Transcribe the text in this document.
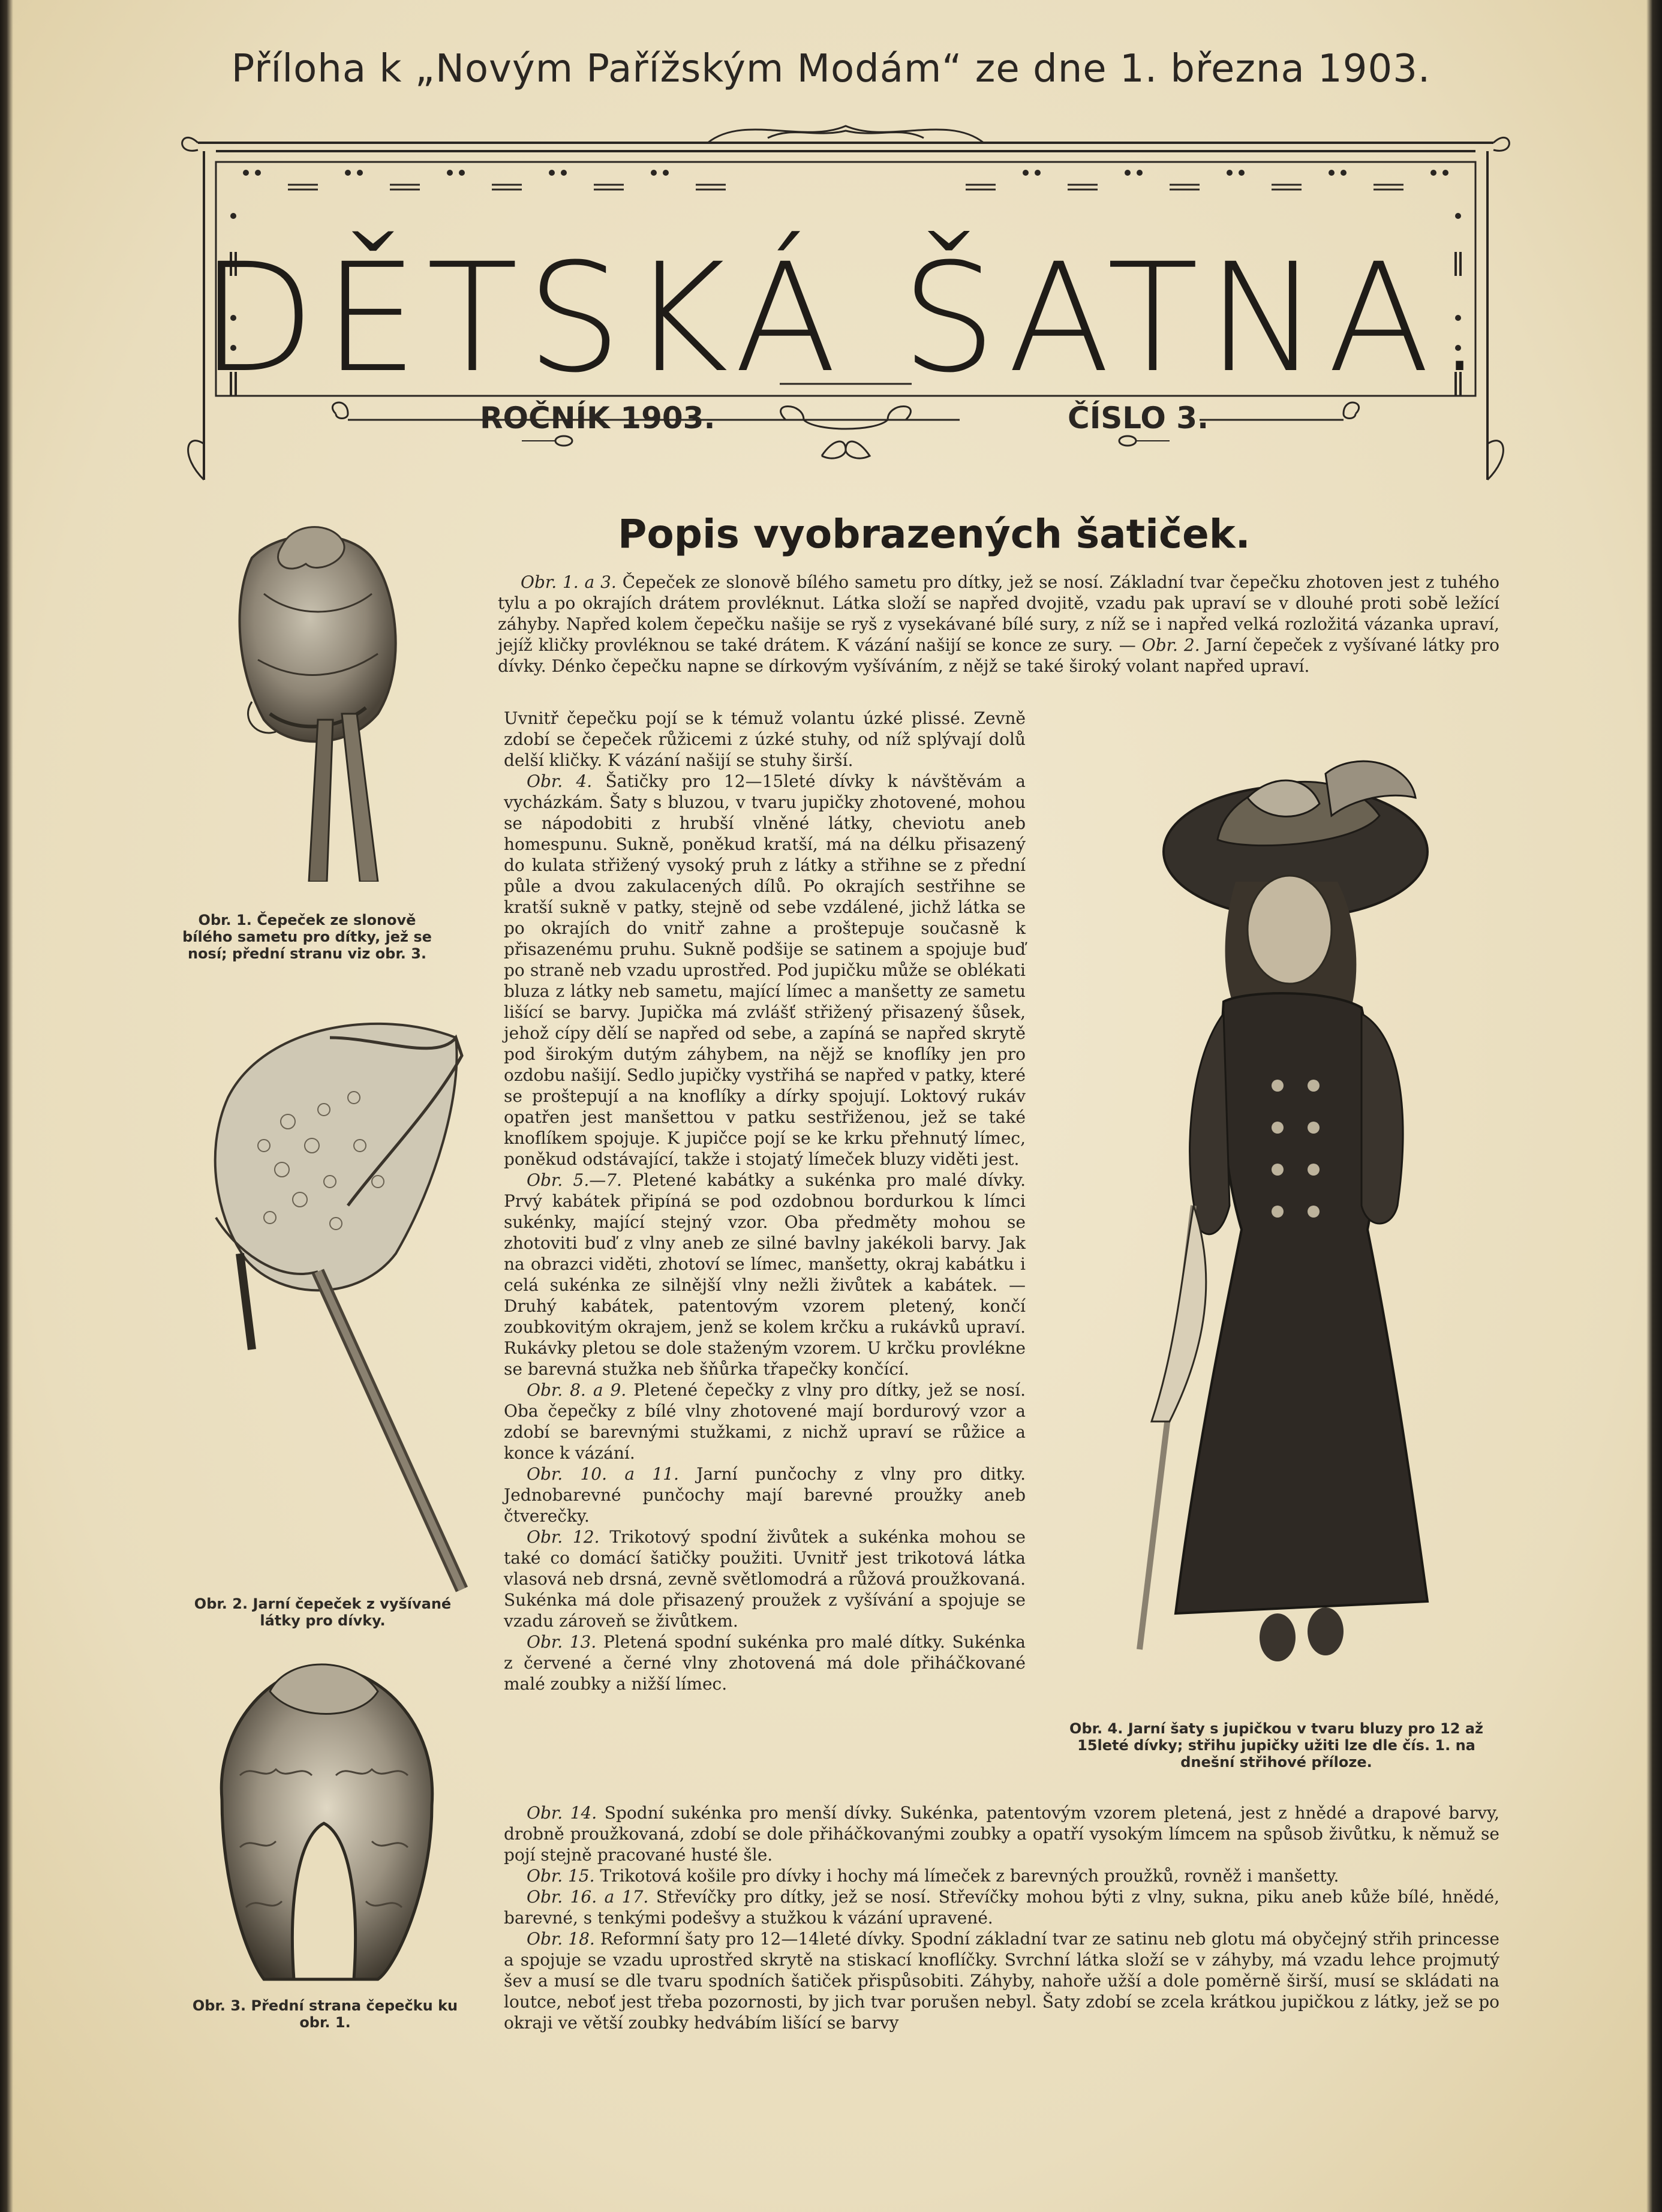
Příloha k „Novým Pařížským Modám“ ze dne 1. března 1903.
DĚTSKÁ ŠATNA.
ROČNÍK 1903.	ČÍSLO 3.
Popis vyobrazených šatiček.
Obr. 1. Čepeček ze slonově bílého sametu pro dítky, jež se nosí; přední stranu viz obr. 3.
Obr. 2. Jarní čepeček z vyšívané látky pro dívky.
Obr. 3. Přední strana čepečku ku obr. 1.
Obr. 4. Jarní šaty s jupičkou v tvaru bluzy pro 12 až 15leté dívky; střihu jupičky užiti lze dle čís. 1. na dnešní střihové příloze.

Obr. 1. a 3. Čepeček ze slonově bílého sametu pro dítky, jež se nosí. Základní tvar čepečku zhotoven jest z tuhého tylu a po okrajích drátem provléknut. Látka složí se napřed dvojitě, vzadu pak upraví se v dlouhé proti sobě ležící záhyby. Napřed kolem čepečku našije se ryš z vysekávané bílé sury, z níž se i napřed velká rozložitá vázanka upraví, jejíž kličky provléknou se také drátem. K vázání našijí se konce ze sury. — Obr. 2. Jarní čepeček z vyšívané látky pro dívky. Dénko čepečku napne se dírkovým vyšíváním, z nějž se také široký volant napřed upraví.

Uvnitř čepečku pojí se k témuž volantu úzké plissé. Zevně zdobí se čepeček růžicemi z úzké stuhy, od níž splývají dolů delší kličky. K vázání našijí se stuhy širší.

Obr. 4. Šatičky pro 12—15leté dívky k návštěvám a vycházkám. Šaty s bluzou, v tvaru jupičky zhotovené, mohou se nápodobiti z hrubší vlněné látky, cheviotu aneb homespunu. Sukně, poněkud kratší, má na délku přisazený do kulata střižený vysoký pruh z látky a střihne se z přední půle a dvou zakulacených dílů. Po okrajích sestřihne se kratší sukně v patky, stejně od sebe vzdálené, jichž látka se po okrajích do vnitř zahne a proštepuje současně k přisazenému pruhu. Sukně podšije se satinem a spojuje buď po straně neb vzadu uprostřed. Pod jupičku může se oblékati bluza z látky neb sametu, mající límec a manšetty ze sametu lišící se barvy. Jupička má zvlášť střižený přisazený šůsek, jehož cípy dělí se napřed od sebe, a zapíná se napřed skrytě pod širokým dutým záhybem, na nějž se knoflíky jen pro ozdobu našijí. Sedlo jupičky vystřihá se napřed v patky, které se proštepují a na knoflíky a dírky spojují. Loktový rukáv opatřen jest manšettou v patku sestřiženou, jež se také knoflíkem spojuje. K jupičce pojí se ke krku přehnutý límec, poněkud odstávající, takže i stojatý límeček bluzy viděti jest.

Obr. 5.—7. Pletené kabátky a sukénka pro malé dívky. Prvý kabátek připíná se pod ozdobnou bordurkou k límci sukénky, mající stejný vzor. Oba předměty mohou se zhotoviti buď z vlny aneb ze silné bavlny jakékoli barvy. Jak na obrazci viděti, zhotoví se límec, manšetty, okraj kabátku i celá sukénka ze silnější vlny nežli živůtek a kabátek. — Druhý kabátek, patentovým vzorem pletený, končí zoubkovitým okrajem, jenž se kolem krčku a rukávků upraví. Rukávky pletou se dole staženým vzorem. U krčku provlékne se barevná stužka neb šňůrka třapečky končící.

Obr. 8. a 9. Pletené čepečky z vlny pro dítky, jež se nosí. Oba čepečky z bílé vlny zhotovené mají bordurový vzor a zdobí se barevnými stužkami, z nichž upraví se růžice a konce k vázání.

Obr. 10. a 11. Jarní punčochy z vlny pro ditky. Jednobarevné punčochy mají barevné proužky aneb čtverečky.

Obr. 12. Trikotový spodní živůtek a sukénka mohou se také co domácí šatičky použiti. Uvnitř jest trikotová látka vlasová neb drsná, zevně světlomodrá a růžová proužkovaná. Sukénka má dole přisazený proužek z vyšívání a spojuje se vzadu zároveň se živůtkem.

Obr. 13. Pletená spodní sukénka pro malé dítky. Sukénka z červené a černé vlny zhotovená má dole přiháčkované malé zoubky a nižší límec.

Obr. 14. Spodní sukénka pro menší dívky. Sukénka, patentovým vzorem pletená, jest z hnědé a drapové barvy, drobně proužkovaná, zdobí se dole přiháčkovanými zoubky a opatří vysokým límcem na spůsob živůtku, k němuž se pojí stejně pracované husté šle.

Obr. 15. Trikotová košile pro dívky i hochy má límeček z barevných proužků, rovněž i manšetty.

Obr. 16. a 17. Střevíčky pro dítky, jež se nosí. Střevíčky mohou býti z vlny, sukna, piku aneb kůže bílé, hnědé, barevné, s tenkými podešvy a stužkou k vázání upravené.

Obr. 18. Reformní šaty pro 12—14leté dívky. Spodní základní tvar ze satinu neb glotu má obyčejný střih princesse a spojuje se vzadu uprostřed skrytě na stiskací knoflíčky. Svrchní látka složí se v záhyby, má vzadu lehce projmutý šev a musí se dle tvaru spodních šatiček přispůsobiti. Záhyby, nahoře užší a dole poměrně širší, musí se skládati na loutce, neboť jest třeba pozornosti, by jich tvar porušen nebyl. Šaty zdobí se zcela krátkou jupičkou z látky, jež se po okraji ve větší zoubky hedvábím lišící se barvy
